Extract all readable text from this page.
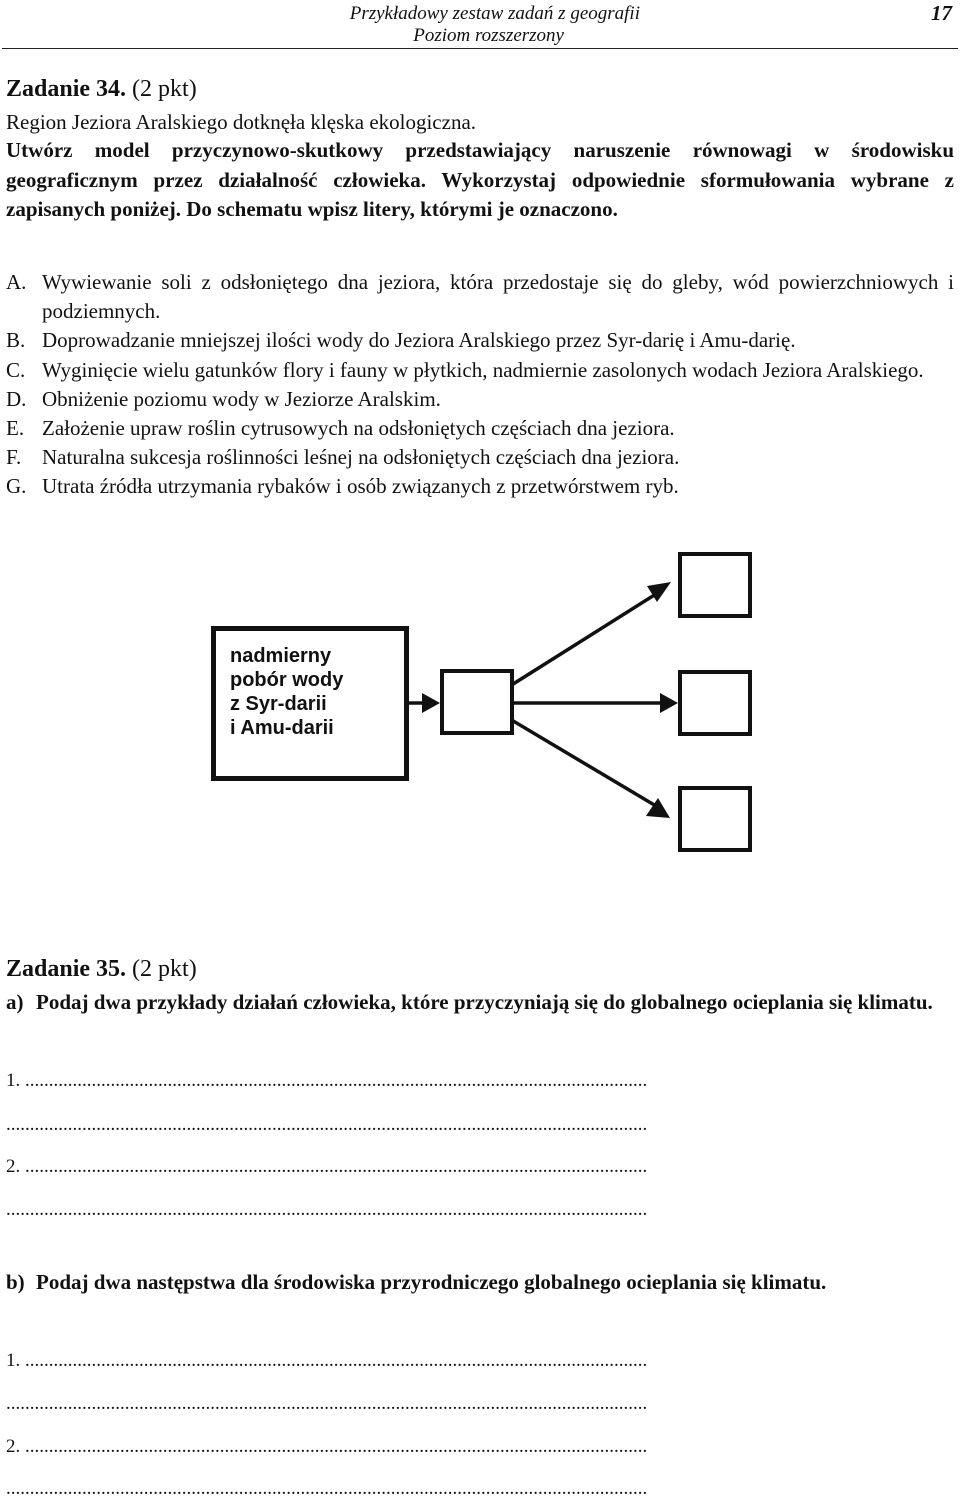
Przykładowy zestaw zadań z geografii
Poziom rozszerzony
17
Zadanie 34. (2 pkt)
Region Jeziora Aralskiego dotknęła klęska ekologiczna.
Utwórz model przyczynowo-skutkowy przedstawiający naruszenie równowagi w środowisku geograficznym przez działalność człowieka. Wykorzystaj odpowiednie sformułowania wybrane z zapisanych poniżej. Do schematu wpisz litery, którymi je oznaczono.
A. Wywiewanie soli z odsłoniętego dna jeziora, która przedostaje się do gleby, wód powierzchniowych i podziemnych.
B. Doprowadzanie mniejszej ilości wody do Jeziora Aralskiego przez Syr-darię i Amu-darię.
C. Wyginięcie wielu gatunków flory i fauny w płytkich, nadmiernie zasolonych wodach Jeziora Aralskiego.
D. Obniżenie poziomu wody w Jeziorze Aralskim.
E. Założenie upraw roślin cytrusowych na odsłoniętych częściach dna jeziora.
F. Naturalna sukcesja roślinności leśnej na odsłoniętych częściach dna jeziora.
G. Utrata źródła utrzymania rybaków i osób związanych z przetwórstwem ryb.
nadmierny
pobór wody
z Syr-darii
i Amu-darii
Zadanie 35. (2 pkt)
a) Podaj dwa przykłady działań człowieka, które przyczyniają się do globalnego ocieplania się klimatu.
1. ...................................................................................................................................
.......................................................................................................................................
2. ...................................................................................................................................
.......................................................................................................................................
b) Podaj dwa następstwa dla środowiska przyrodniczego globalnego ocieplania się klimatu.
1. ...................................................................................................................................
.......................................................................................................................................
2. ...................................................................................................................................
.......................................................................................................................................
